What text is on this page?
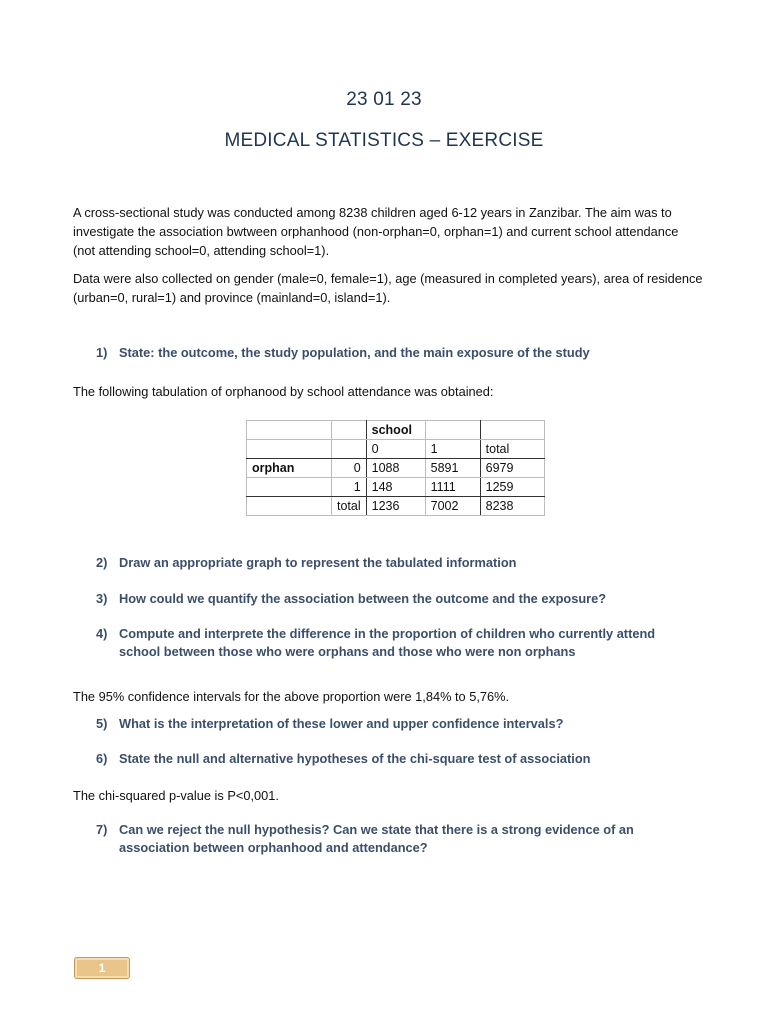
23 01 23
MEDICAL STATISTICS – EXERCISE

A cross-sectional study was conducted among 8238 children aged 6-12 years in Zanzibar. The aim was to investigate the association bwtween orphanhood (non-orphan=0, orphan=1) and current school attendance (not attending school=0, attending school=1).

Data were also collected on gender (male=0, female=1), age (measured in completed years), area of residence (urban=0, rural=1) and province (mainland=0, island=1).

1) State: the outcome, the study population, and the main exposure of the study

The following tabulation of orphanood by school attendance was obtained:

		school		
		0	1	total
orphan	0	1088	5891	6979
	1	148	1111	1259
	total	1236	7002	8238
2) Draw an appropriate graph to represent the tabulated information
3) How could we quantify the association between the outcome and the exposure?
4) Compute and interprete the difference in the proportion of children who currently attend school between those who were orphans and those who were non orphans

The 95% confidence intervals for the above proportion were 1,84% to 5,76%.

5) What is the interpretation of these lower and upper confidence intervals?
6) State the null and alternative hypotheses of the chi-square test of association

The chi-squared p-value is P<0,001.

7) Can we reject the null hypothesis? Can we state that there is a strong evidence of an association between orphanhood and attendance?
1
